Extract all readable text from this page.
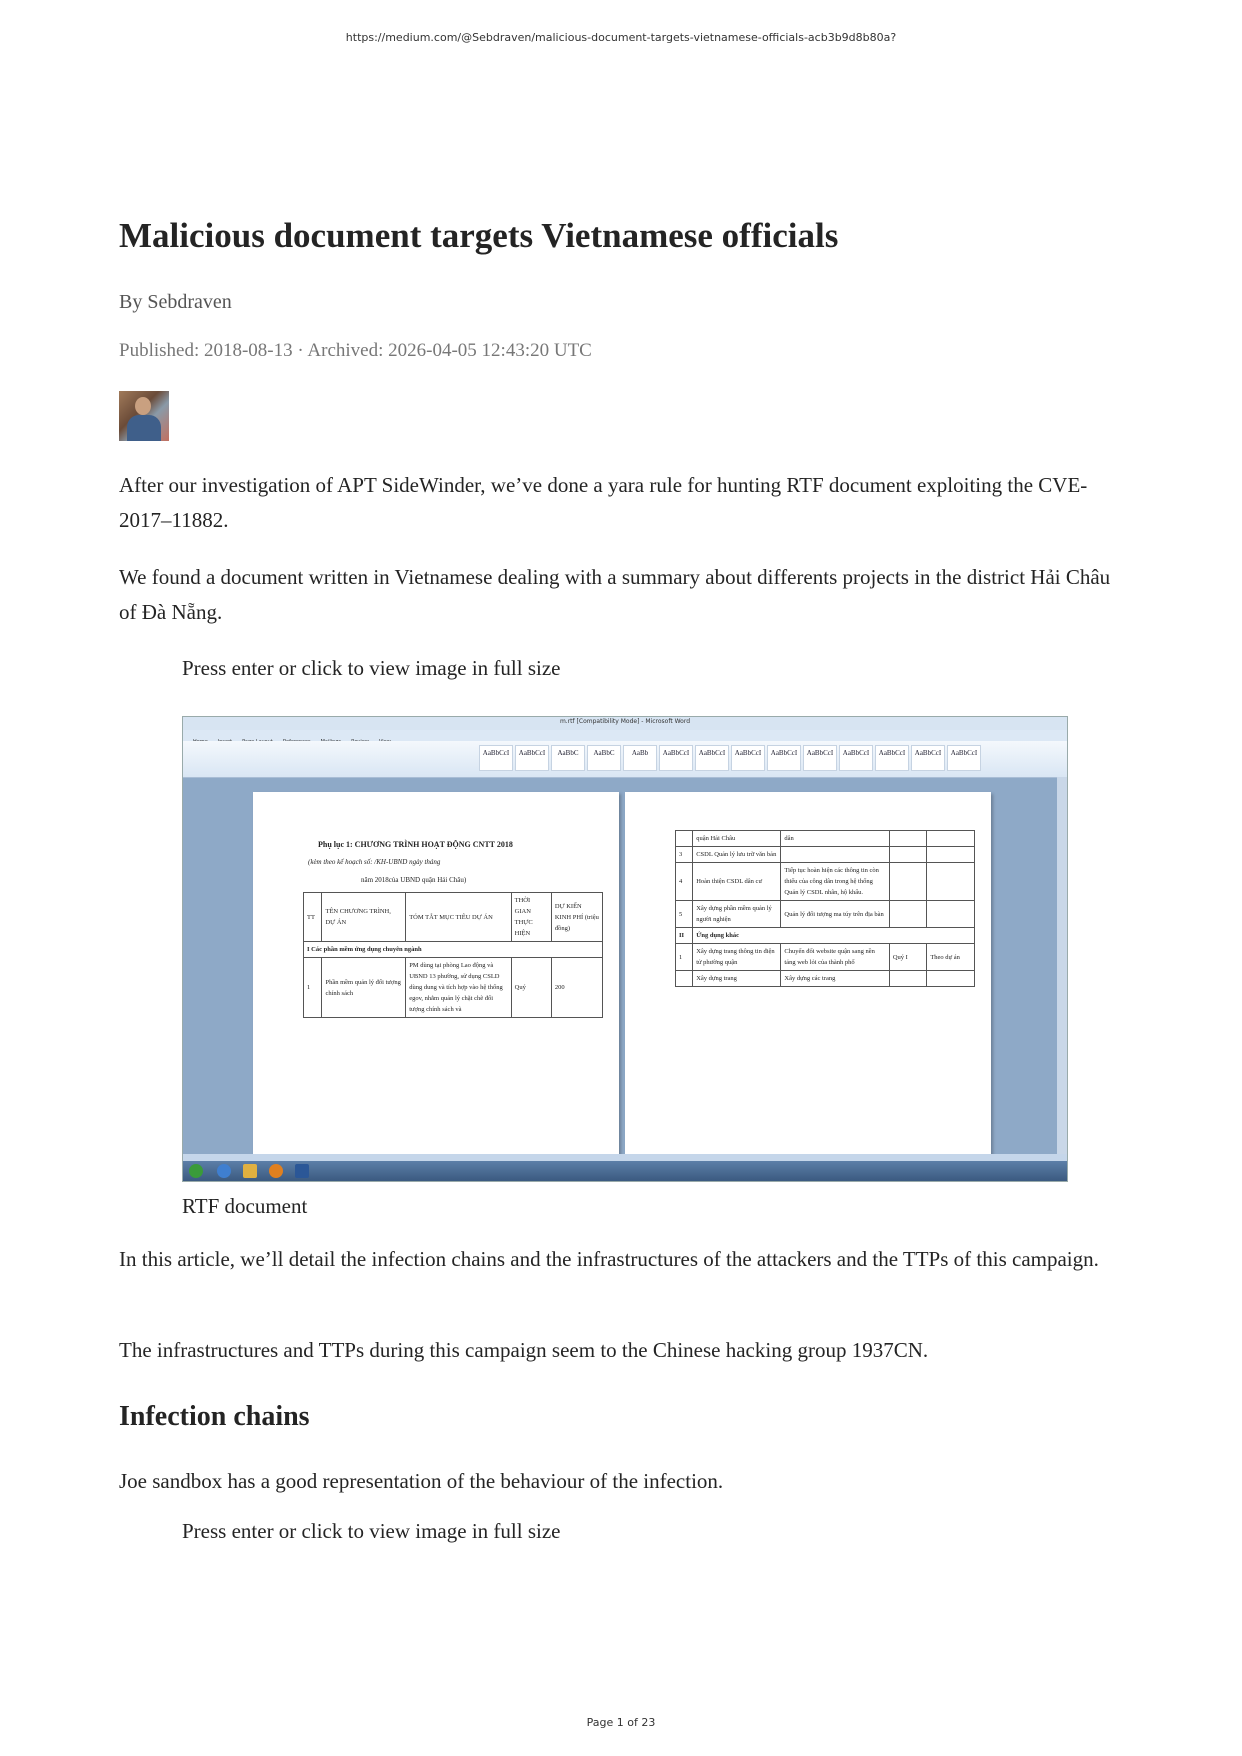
https://medium.com/@Sebdraven/malicious-document-targets-vietnamese-officials-acb3b9d8b80a?
Malicious document targets Vietnamese officials
By Sebdraven
Published: 2018-08-13 · Archived: 2026-04-05 12:43:20 UTC

After our investigation of APT SideWinder, we’ve done a yara rule for hunting RTF document exploiting the CVE-2017–11882.

We found a document written in Vietnamese dealing with a summary about differents projects in the district Hải Châu of Đà Nẵng.

Press enter or click to view image in full size
m.rtf [Compatibility Mode] - Microsoft Word
AaBbCcI	AaBbCcI	AaBbC	AaBbC	AaBb	AaBbCcI	AaBbCcI	AaBbCcI	AaBbCcI	AaBbCcI	AaBbCcI	AaBbCcI	AaBbCcI	AaBbCcI
Phụ lục 1: CHƯƠNG TRÌNH HOẠT ĐỘNG CNTT 2018
(kèm theo kế hoạch số: /KH-UBND ngày tháng
năm 2018của UBND quận Hải Châu)
TT	TÊN CHƯƠNG TRÌNH, DỰ ÁN	TÓM TẮT MỤC TIÊU DỰ ÁN	THỜI GIAN THỰC HIỆN	DỰ KIẾN KINH PHÍ (triệu đồng)
I Các phần mềm ứng dụng chuyên ngành				
1	Phần mềm quản lý đối tượng chính sách	PM dùng tại phòng Lao động và UBND 13 phường, sử dụng CSLD dùng dung và tích hợp vào hệ thống egov, nhằm quản lý chặt chẽ đối tượng chính sách và	Quý	200
	quận Hải Châu	dân		
3	CSDL Quản lý lưu trữ văn bản			
4	Hoàn thiện CSDL dân cư	Tiếp tục hoàn hiện các thông tin còn thiếu của công dân trong hệ thống Quản lý CSDL nhân, hộ khẩu.		
5	Xây dựng phần mềm quản lý người nghiện	Quản lý đối tượng ma túy trên địa bàn		
II	Ứng dụng khác			
1	Xây dựng trang thông tin điện tử phường quận	Chuyển đổi website quận sang nền tảng web lỏi của thành phố	Quý I	Theo dự án
	Xây dựng trang	Xây dựng các trang		
RTF document

In this article, we’ll detail the infection chains and the infrastructures of the attackers and the TTPs of this campaign.

The infrastructures and TTPs during this campaign seem to the Chinese hacking group 1937CN.

Infection chains

Joe sandbox has a good representation of the behaviour of the infection.

Press enter or click to view image in full size
Page 1 of 23
